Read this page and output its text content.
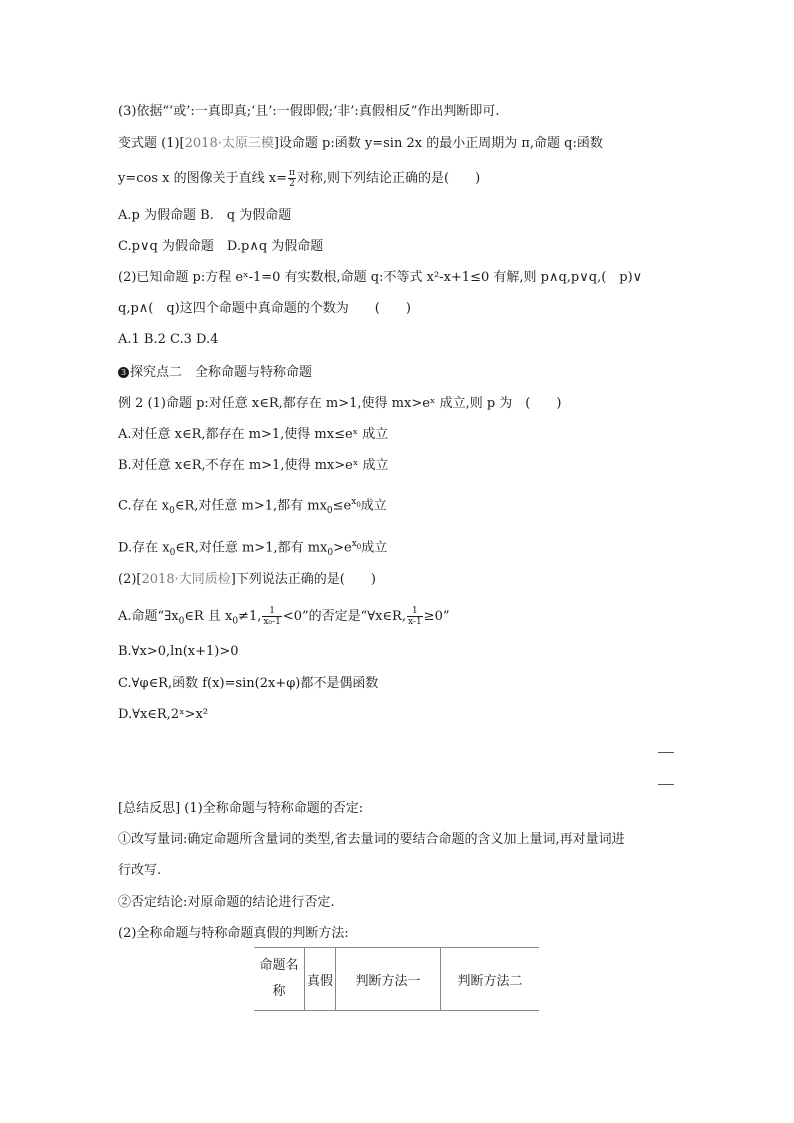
(3)依据“‘或’:一真即真;‘且’:一假即假;‘非’:真假相反”作出判断即可.
变式题 (1)[2018·太原三模]设命题 p:函数 y=sin 2x 的最小正周期为 π,命题 q:函数
y=cos x 的图像关于直线 $x= \frac{\pi}{2}$ 对称,则下列结论正确的是(　　)
A.p 为假命题 B.　q 为假命题
C.p∨q 为假命题　D.p∧q 为假命题
(2)已知命题 p:方程 eˣ-1=0 有实数根,命题 q:不等式 x²-x+1≤0 有解,则 p∧q,p∨q,(　p)∨
q,p∧(　q)这四个命题中真命题的个数为　　(　　)
A.1 B.2 C.3 D.4
3 探究点二　全称命题与特称命题
例 2 (1)命题 p:对任意 x∈R,都存在 m>1,使得 mx>eˣ 成立,则 p 为　(　　)
A.对任意 x∈R,都存在 m>1,使得 mx≤eˣ 成立
B.对任意 x∈R,不存在 m>1,使得 mx>eˣ 成立
C.存在 $x_0\in R$,对任意 m>1,都有 $mx_0\le e^{x_0}$成立
D.存在 $x_0\in R$,对任意 m>1,都有 $mx_0>e^{x_0}$成立
(2)[2018·大同质检]下列说法正确的是(　　)
A.命题“$\exists x_0\in R$ 且 $x_0\ne 1$, $\frac{1}{\text{x₀-1}} <0$”的否定是“∀x∈R, $\frac{1}{x-1} \ge 0$”
B.∀x>0,ln(x+1)>0
C.∀φ∈R,函数 f(x)=sin(2x+φ)都不是偶函数
D.∀x∈R,2ˣ>x²
[总结反思] (1)全称命题与特称命题的否定:
①改写量词:确定命题所含量词的类型,省去量词的要结合命题的含义加上量词,再对量词进
行改写.
②否定结论:对原命题的结论进行否定.
(2)全称命题与特称命题真假的判断方法:
命题名
称	真假	判断方法一	判断方法二
